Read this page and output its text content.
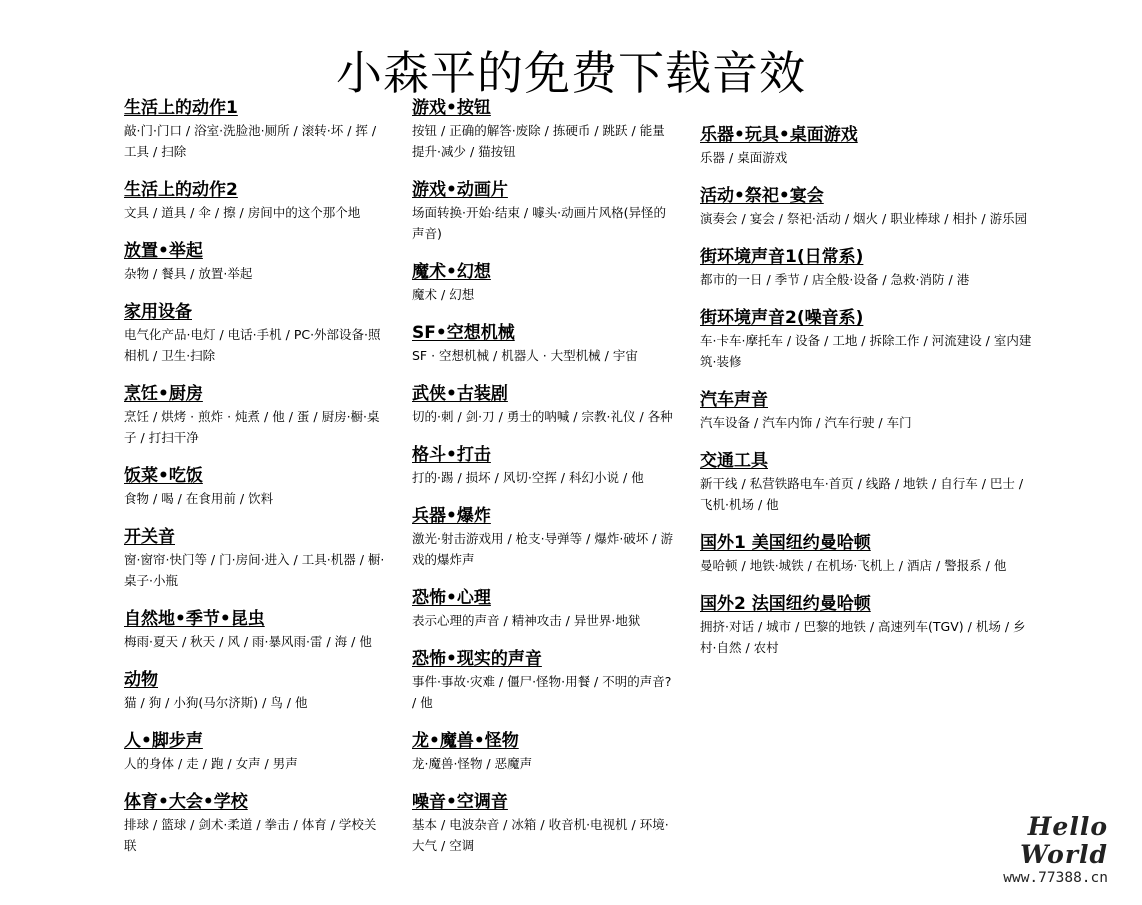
小森平的免费下载音效
生活上的动作1
敲·门·门口 / 浴室·洗脸池·厕所 / 滚转·坏 / 挥 / 工具 / 扫除
生活上的动作2
文具 / 道具 / 伞 / 擦 / 房间中的这个那个地
放置•举起
杂物 / 餐具 / 放置·举起
家用设备
电气化产品·电灯 / 电话·手机 / PC·外部设备·照相机 / 卫生·扫除
烹饪•厨房
烹饪 / 烘烤 · 煎炸 · 炖煮 / 他 / 蛋 / 厨房·橱·桌子 / 打扫干净
饭菜•吃饭
食物 / 喝 / 在食用前 / 饮料
开关音
窗·窗帘·快门等 / 门·房间·进入 / 工具·机器 / 橱·桌子·小瓶
自然地•季节•昆虫
梅雨·夏天 / 秋天 / 风 / 雨·暴风雨·雷 / 海 / 他
动物
猫 / 狗 / 小狗(马尔济斯) / 鸟 / 他
人•脚步声
人的身体 / 走 / 跑 / 女声 / 男声
体育•大会•学校
排球 / 篮球 / 剑术·柔道 / 拳击 / 体育 / 学校关联
游戏•按钮
按钮 / 正确的解答·废除 / 拣硬币 / 跳跃 / 能量提升·减少 / 猫按钮
游戏•动画片
场面转换·开始·结束 / 噱头·动画片风格(异怪的声音)
魔术•幻想
魔术 / 幻想
SF•空想机械
SF · 空想机械 / 机器人 · 大型机械 / 宇宙
武侠•古装剧
切的·刺 / 剑·刀 / 勇士的呐喊 / 宗教·礼仪 / 各种
格斗•打击
打的·踢 / 损坏 / 风切·空挥 / 科幻小说 / 他
兵器•爆炸
激光·射击游戏用 / 枪支·导弹等 / 爆炸·破坏 / 游戏的爆炸声
恐怖•心理
表示心理的声音 / 精神攻击 / 异世界·地狱
恐怖•现实的声音
事件·事故·灾难 / 僵尸·怪物·用餐 / 不明的声音? / 他
龙•魔兽•怪物
龙·魔兽·怪物 / 恶魔声
噪音•空调音
基本 / 电波杂音 / 冰箱 / 收音机·电视机 / 环境·大气 / 空调
乐器•玩具•桌面游戏
乐器 / 桌面游戏
活动•祭祀•宴会
演奏会 / 宴会 / 祭祀·活动 / 烟火 / 职业棒球 / 相扑 / 游乐园
街环境声音1(日常系)
都市的一日 / 季节 / 店全般·设备 / 急救·消防 / 港
街环境声音2(噪音系)
车·卡车·摩托车 / 设备 / 工地 / 拆除工作 / 河流建设 / 室内建筑·装修
汽车声音
汽车设备 / 汽车内饰 / 汽车行驶 / 车门
交通工具
新干线 / 私营铁路电车·首页 / 线路 / 地铁 / 自行车 / 巴士 / 飞机·机场 / 他
国外1 美国纽约曼哈顿
曼哈顿 / 地铁·城铁 / 在机场·飞机上 / 酒店 / 警报系 / 他
国外2 法国纽约曼哈顿
拥挤·对话 / 城市 / 巴黎的地铁 / 高速列车(TGV) / 机场 / 乡村·自然 / 农村
Hello World
www.77388.cn
